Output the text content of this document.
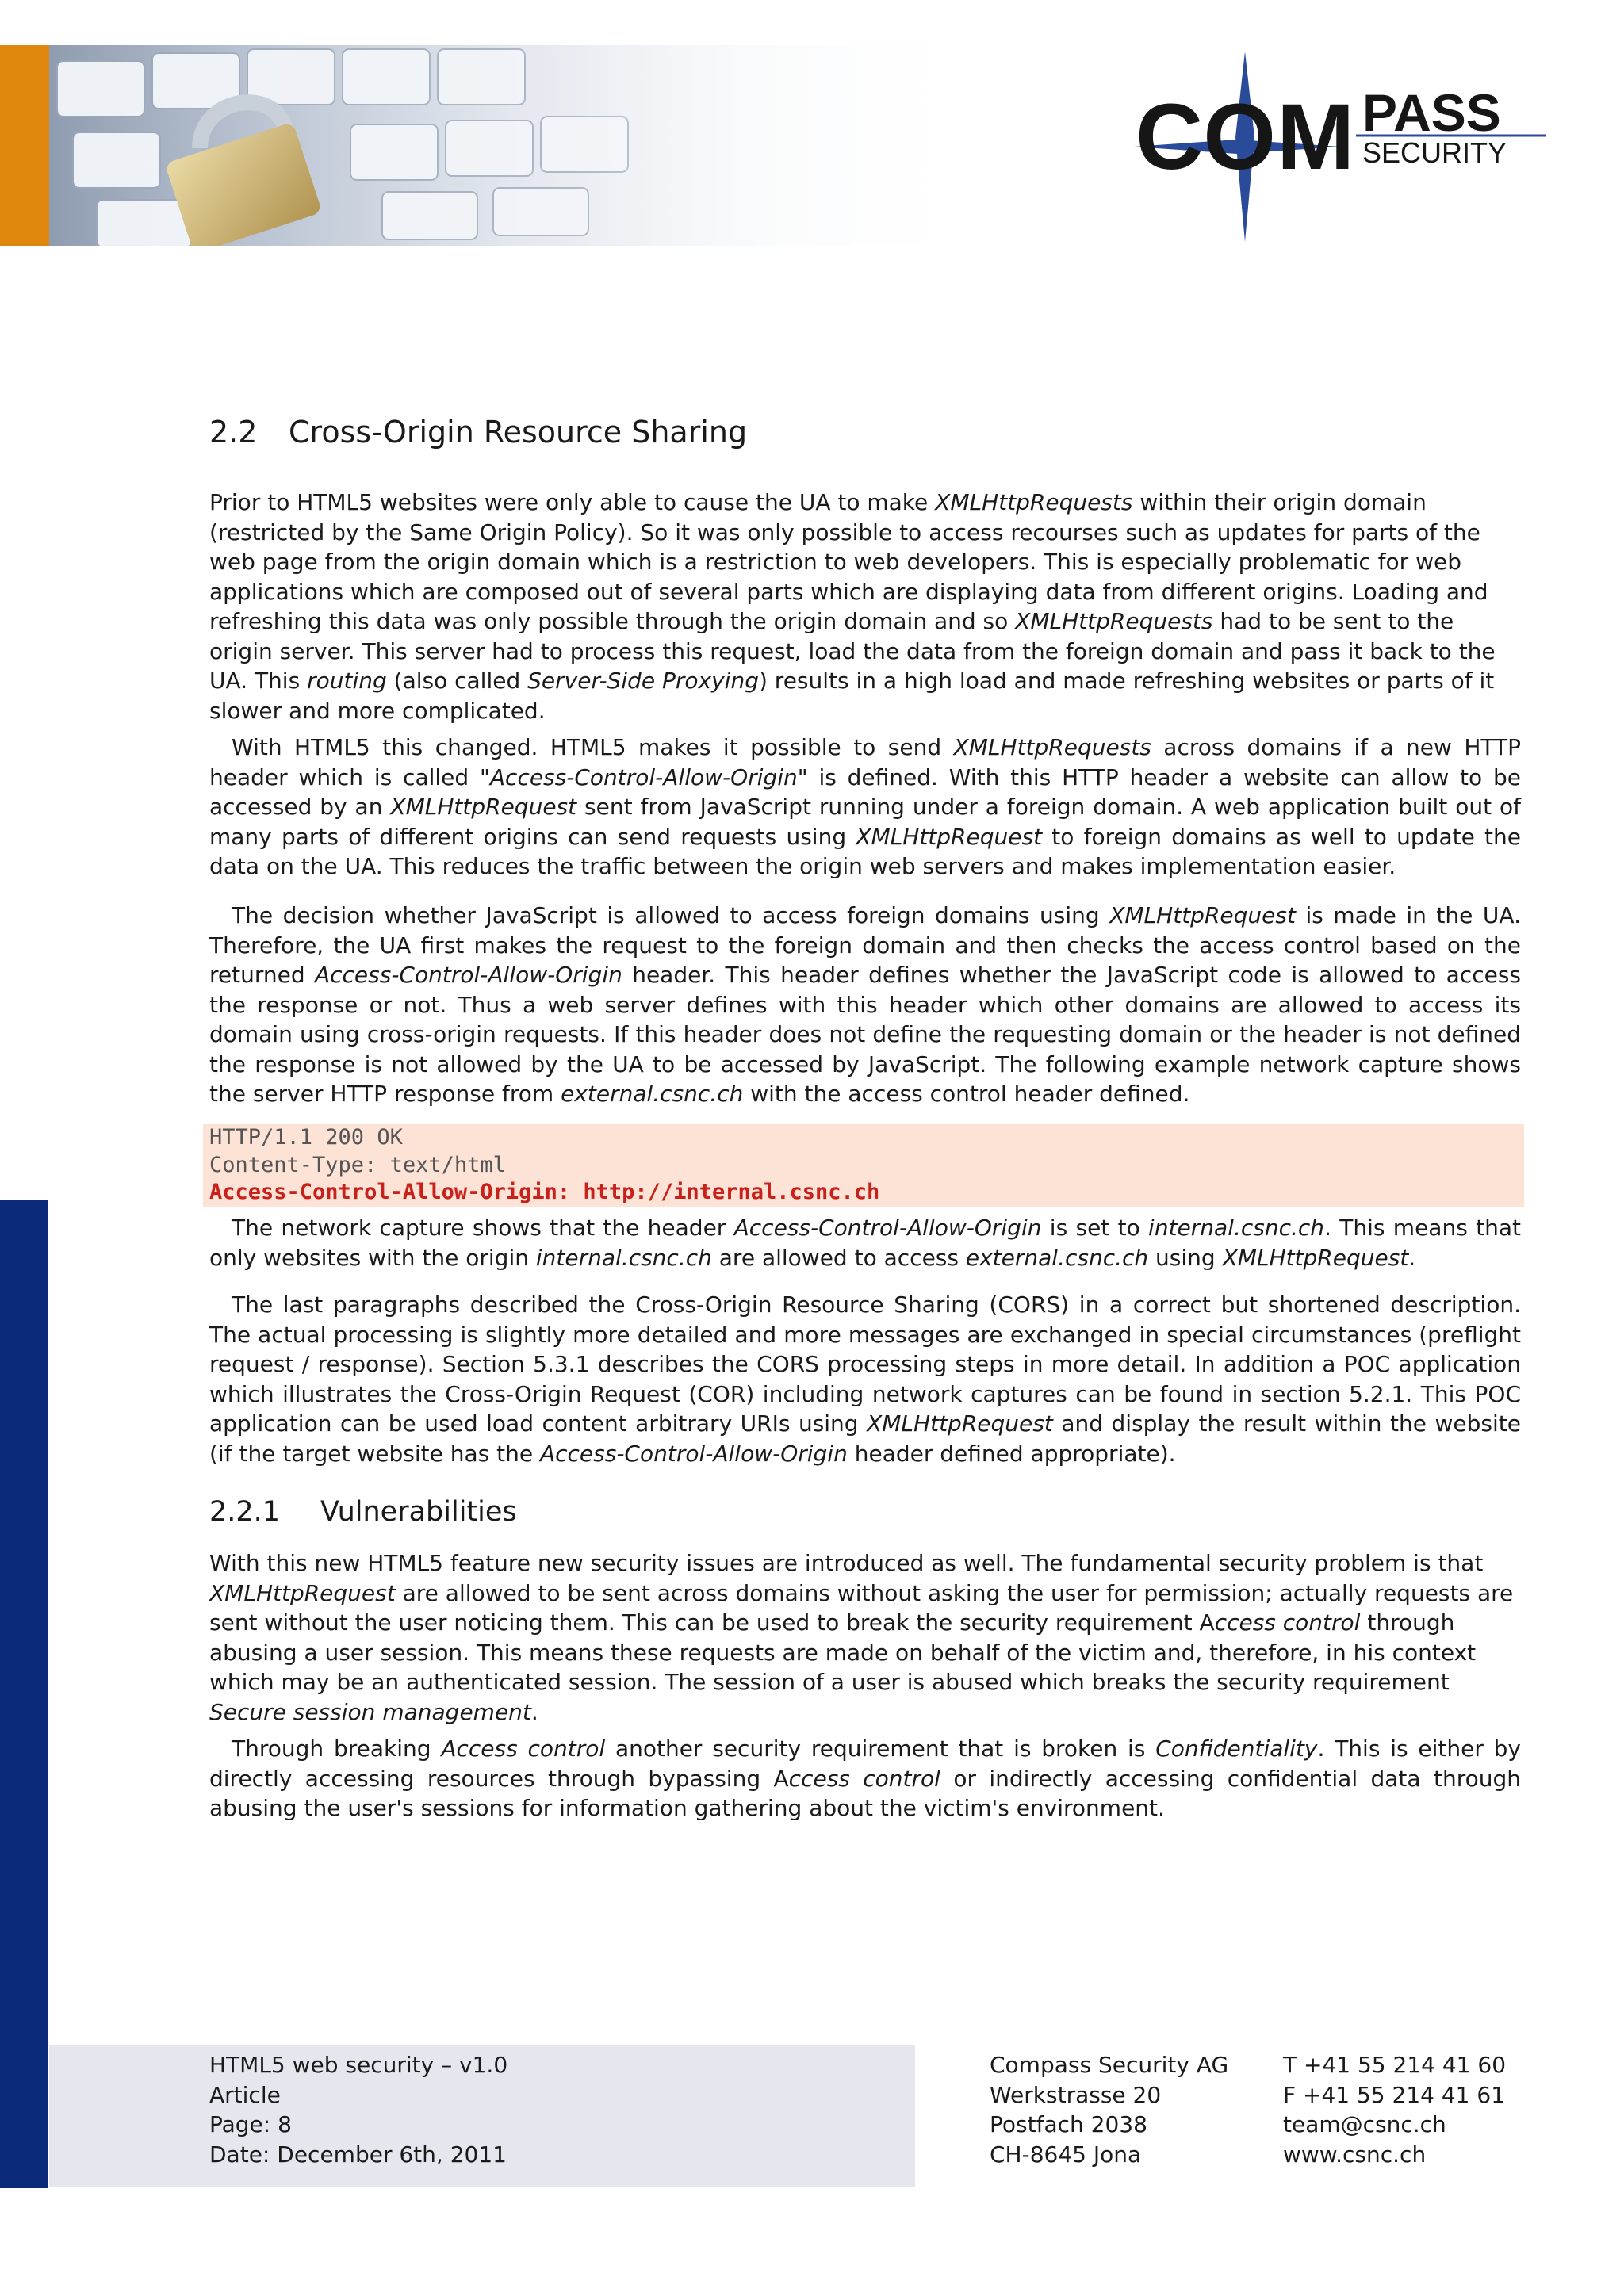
CO M PASS
SECURITY
2.2 Cross-Origin Resource Sharing

Prior to HTML5 websites were only able to cause the UA to make XMLHttpRequests within their origin domain (restricted by the Same Origin Policy). So it was only possible to access recourses such as updates for parts of the web page from the origin domain which is a restriction to web developers. This is especially problematic for web applications which are composed out of several parts which are displaying data from different origins. Loading and refreshing this data was only possible through the origin domain and so XMLHttpRequests had to be sent to the origin server. This server had to process this request, load the data from the foreign domain and pass it back to the UA. This routing (also called Server-Side Proxying) results in a high load and made refreshing websites or parts of it slower and more complicated.

With HTML5 this changed. HTML5 makes it possible to send XMLHttpRequests across domains if a new HTTP header which is called "Access-Control-Allow-Origin" is defined. With this HTTP header a website can allow to be accessed by an XMLHttpRequest sent from JavaScript running under a foreign domain. A web application built out of many parts of different origins can send requests using XMLHttpRequest to foreign domains as well to update the data on the UA. This reduces the traffic between the origin web servers and makes implementation easier.

The decision whether JavaScript is allowed to access foreign domains using XMLHttpRequest is made in the UA. Therefore, the UA first makes the request to the foreign domain and then checks the access control based on the returned Access-Control-Allow-Origin header. This header defines whether the JavaScript code is allowed to access the response or not. Thus a web server defines with this header which other domains are allowed to access its domain using cross-origin requests. If this header does not define the requesting domain or the header is not defined the response is not allowed by the UA to be accessed by JavaScript. The following example network capture shows the server HTTP response from external.csnc.ch with the access control header defined.

HTTP/1.1 200 OK
Content-Type: text/html
Access-Control-Allow-Origin: http://internal.csnc.ch

The network capture shows that the header Access-Control-Allow-Origin is set to internal.csnc.ch. This means that only websites with the origin internal.csnc.ch are allowed to access external.csnc.ch using XMLHttpRequest.

The last paragraphs described the Cross-Origin Resource Sharing (CORS) in a correct but shortened description. The actual processing is slightly more detailed and more messages are exchanged in special circumstances (preflight request / response). Section 5.3.1 describes the CORS processing steps in more detail. In addition a POC application which illustrates the Cross-Origin Request (COR) including network captures can be found in section 5.2.1. This POC application can be used load content arbitrary URIs using XMLHttpRequest and display the result within the website (if the target website has the Access-Control-Allow-Origin header defined appropriate).

2.2.1 Vulnerabilities

With this new HTML5 feature new security issues are introduced as well. The fundamental security problem is that XMLHttpRequest are allowed to be sent across domains without asking the user for permission; actually requests are sent without the user noticing them. This can be used to break the security requirement Access control through abusing a user session. This means these requests are made on behalf of the victim and, therefore, in his context which may be an authenticated session. The session of a user is abused which breaks the security requirement Secure session management.

Through breaking Access control another security requirement that is broken is Confidentiality. This is either by directly accessing resources through bypassing Access control or indirectly accessing confidential data through abusing the user's sessions for information gathering about the victim's environment.

HTML5 web security – v1.0
Article
Page: 8
Date: December 6th, 2011
Compass Security AG
Werkstrasse 20
Postfach 2038
CH-8645 Jona
T +41 55 214 41 60
F +41 55 214 41 61
team@csnc.ch
www.csnc.ch
